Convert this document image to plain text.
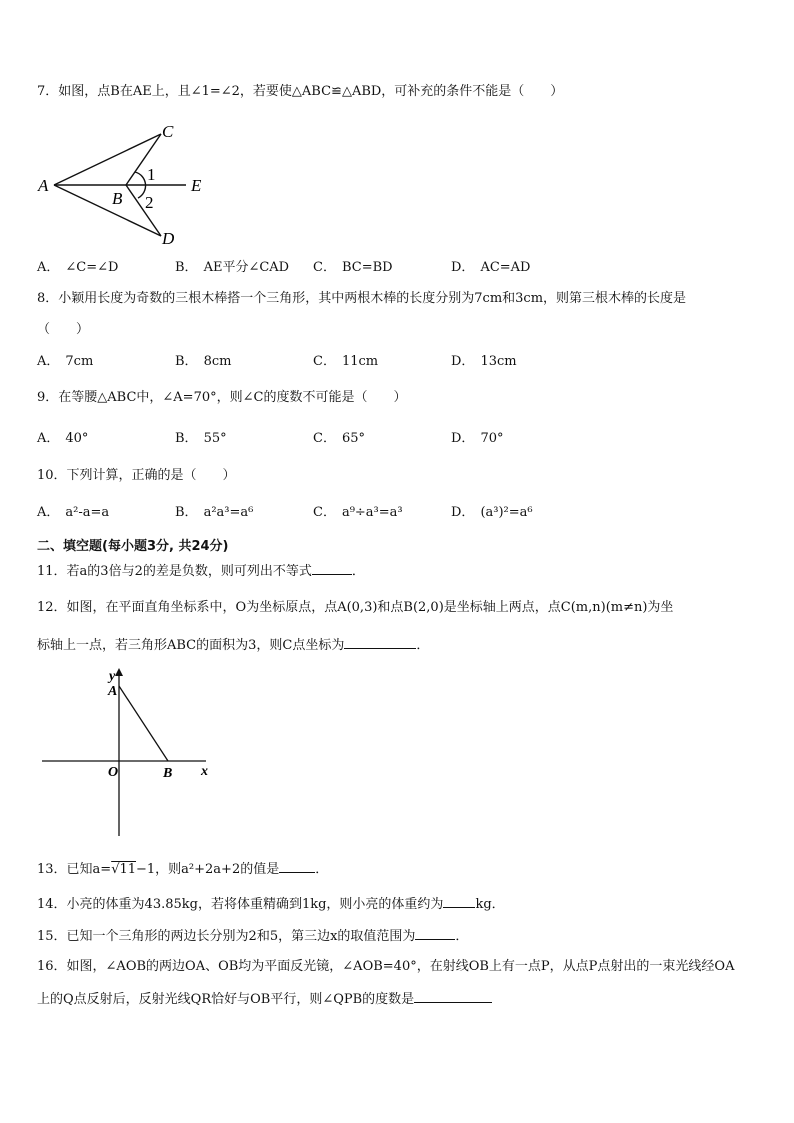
7．如图，点B在AE上，且∠1=∠2，若要使△ABC≌△ABD，可补充的条件不能是（　　）
A
C
E
B
1
2
D
A． ∠C=∠D	B． AE平分∠CAD C． BC=BD	D． AC=AD
8．小颖用长度为奇数的三根木棒搭一个三角形，其中两根木棒的长度分别为7cm和3cm，则第三根木棒的长度是
（　　）
A． 7cm	B． 8cm	C． 11cm	D． 13cm
9．在等腰△ABC中，∠A=70°，则∠C的度数不可能是（　　）
A． 40°	B． 55°	C． 65°	D． 70°
10．下列计算，正确的是（　　）
A． a²-a=a	B． a²a³=a⁶	C． a⁹÷a³=a³	D． (a³)²=a⁶
二、填空题(每小题3分, 共24分)
11．若a的3倍与2的差是负数，则可列出不等式	．
12．如图，在平面直角坐标系中，O为坐标原点，点A(0,3)和点B(2,0)是坐标轴上两点，点C(m,n)(m≠n)为坐
标轴上一点，若三角形ABC的面积为3，则C点坐标为	．
y
A
O	B x
13．已知a=√11−1，则a²+2a+2的值是	．
14．小亮的体重为43.85kg，若将体重精确到1kg，则小亮的体重约为 kg．
15．已知一个三角形的两边长分别为2和5，第三边x的取值范围为	．
16．如图，∠AOB的两边OA、OB均为平面反光镜，∠AOB=40°，在射线OB上有一点P，从点P点射出的一束光线经OA
上的Q点反射后，反射光线QR恰好与OB平行，则∠QPB的度数是
